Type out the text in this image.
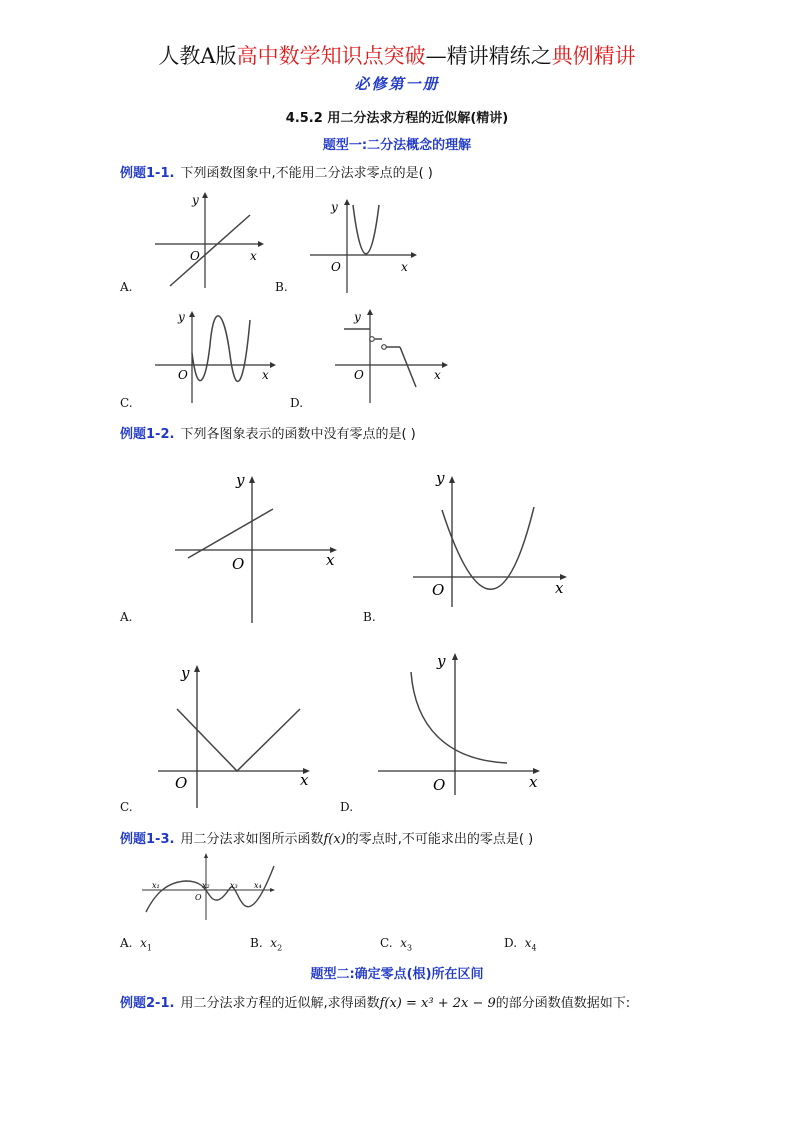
人教A版高中数学知识点突破—精讲精练之典例精讲
必修第一册
4.5.2 用二分法求方程的近似解(精讲)
题型一:二分法概念的理解
例题1-1. 下列函数图象中,不能用二分法求零点的是( )
y
x
O
A.
y
x
O
B.
y
x
O
C.
y
x
O
D.
例题1-2. 下列各图象表示的函数中没有零点的是( )
y
x
O
A.
y
x
O
B.
y
x
O
C.
y
x
O
D.
例题1-3. 用二分法求如图所示函数f(x)的零点时,不可能求出的零点是( )
x₁	x₂	x₃ x₄
O
A. $x_1$	B. $x_2$	C. $x_3$	D. $x_4$
题型二:确定零点(根)所在区间
例题2-1. 用二分法求方程的近似解,求得函数f(x) = x³ + 2x − 9的部分函数值数据如下:
